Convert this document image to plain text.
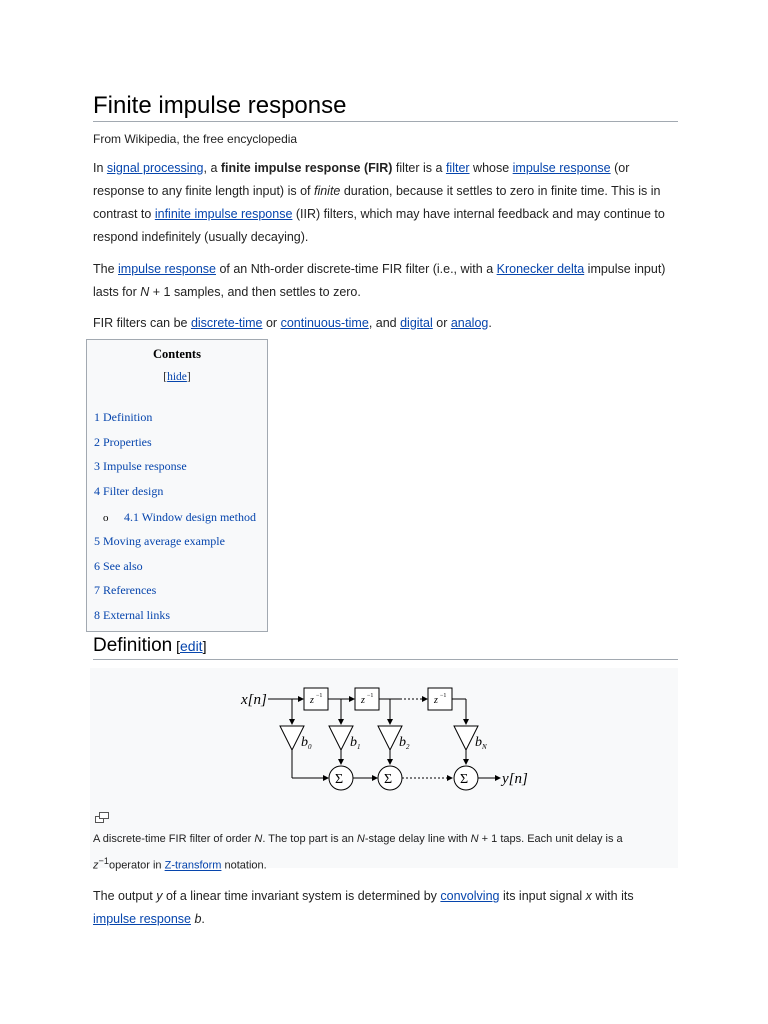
Finite impulse response
From Wikipedia, the free encyclopedia

In signal processing, a finite impulse response (FIR) filter is a filter whose impulse response (or response to any finite length input) is of finite duration, because it settles to zero in finite time. This is in contrast to infinite impulse response (IIR) filters, which may have internal feedback and may continue to respond indefinitely (usually decaying).

The impulse response of an Nth-order discrete-time FIR filter (i.e., with a Kronecker delta impulse input) lasts for N + 1 samples, and then settles to zero.

FIR filters can be discrete-time or continuous-time, and digital or analog.

Contents
[hide]
1 Definition
2 Properties
3 Impulse response
4 Filter design
o 4.1 Window design method
5 Moving average example
6 See also
7 References
8 External links
Definition [edit]
x[n]
y[n]
z −1	z −1	z −1
b 0	b 1	b 2	b N
Σ	Σ	Σ
A discrete-time FIR filter of order N. The top part is an N-stage delay line with N + 1 taps. Each unit delay is a $z^{-1}operator$ in Z-transform notation.

The output y of a linear time invariant system is determined by convolving its input signal x with its impulse response b.
